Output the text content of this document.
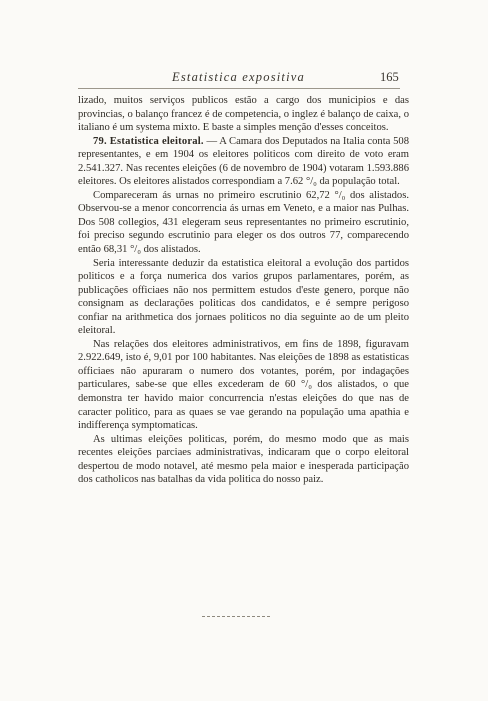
Estatistica expositiva	165

lizado, muitos serviços publicos estão a cargo dos municipios e das provincias, o balanço francez é de competencia, o inglez é balanço de caixa, o italiano é um systema mixto. E baste a simples menção d'esses conceitos.

79. Estatistica eleitoral. — A Camara dos Deputados na Italia conta 508 representantes, e em 1904 os eleitores politicos com direito de voto eram 2.541.327. Nas recentes eleições (6 de novembro de 1904) votaram 1.593.886 eleitores. Os eleitores alistados correspondiam a 7.62 °/₀ da população total.

Compareceram ás urnas no primeiro escrutinio 62,72 °/₀ dos alistados. Observou-se a menor concorrencia ás urnas em Veneto, e a maior nas Pulhas. Dos 508 collegios, 431 elegeram seus representantes no primeiro escrutinio, foi preciso segundo escrutinio para eleger os dos outros 77, comparecendo então 68,31 °/₀ dos alistados.

Seria interessante deduzir da estatistica eleitoral a evolução dos partidos politicos e a força numerica dos varios grupos parlamentares, porém, as publicações officiaes não nos permittem estudos d'este genero, porque não consignam as declarações politicas dos candidatos, e é sempre perigoso confiar na arithmetica dos jornaes politicos no dia seguinte ao de um pleito eleitoral.

Nas relações dos eleitores administrativos, em fins de 1898, figuravam 2.922.649, isto é, 9,01 por 100 habitantes. Nas eleições de 1898 as estatisticas officiaes não apuraram o numero dos votantes, porém, por indagações particulares, sabe-se que elles excederam de 60 °/₀ dos alistados, o que demonstra ter havido maior concurrencia n'estas eleições do que nas de caracter politico, para as quaes se vae gerando na população uma apathia e indifferença symptomaticas.

As ultimas eleições politicas, porém, do mesmo modo que as mais recentes eleições parciaes administrativas, indicaram que o corpo eleitoral despertou de modo notavel, até mesmo pela maior e inesperada participação dos catholicos nas batalhas da vida politica do nosso paiz.
